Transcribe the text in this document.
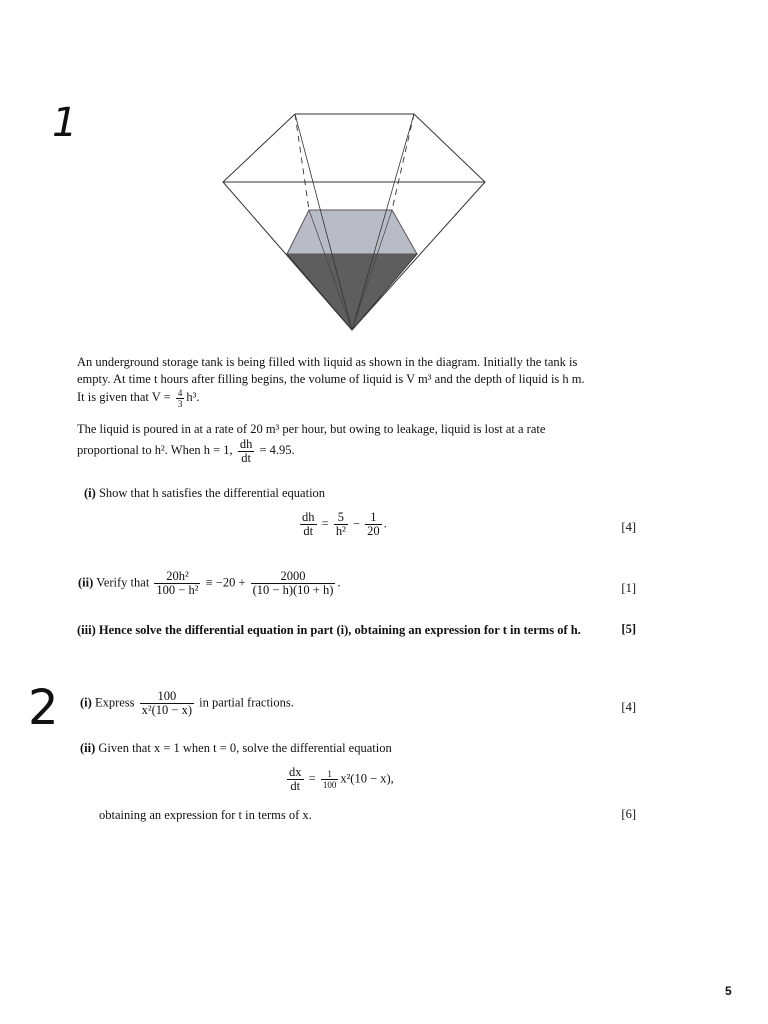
1
2
An underground storage tank is being filled with liquid as shown in the diagram. Initially the tank is
empty. At time t hours after filling begins, the volume of liquid is V m³ and the depth of liquid is h m.
It is given that $V = \frac{4}{3} h^3$.
The liquid is poured in at a rate of 20 m³ per hour, but owing to leakage, liquid is lost at a rate
proportional to h². When h = 1, $\frac{dh}{dt} = 4.95$.
(i) Show that h satisfies the differential equation
$\frac{dh}{dt} = \frac{5}{\text{h²}} - \frac{1}{20}$ .	[4]
(ii) Verify that $\frac{\text{20h²}}{\text{100 − h²}} \equiv -20 + \frac{2000}{(10 - h)(10 + h)}$ .	[1]
(iii) Hence solve the differential equation in part (i), obtaining an expression for t in terms of h.	[5]
(i) Express $\frac{100}{\text{x²(10 − x)}}$ in partial fractions.	[4]
(ii) Given that x = 1 when t = 0, solve the differential equation
$\frac{dx}{dt} = \frac{1}{100} x^2(10 - x)$,
obtaining an expression for t in terms of x.	[6]
5
